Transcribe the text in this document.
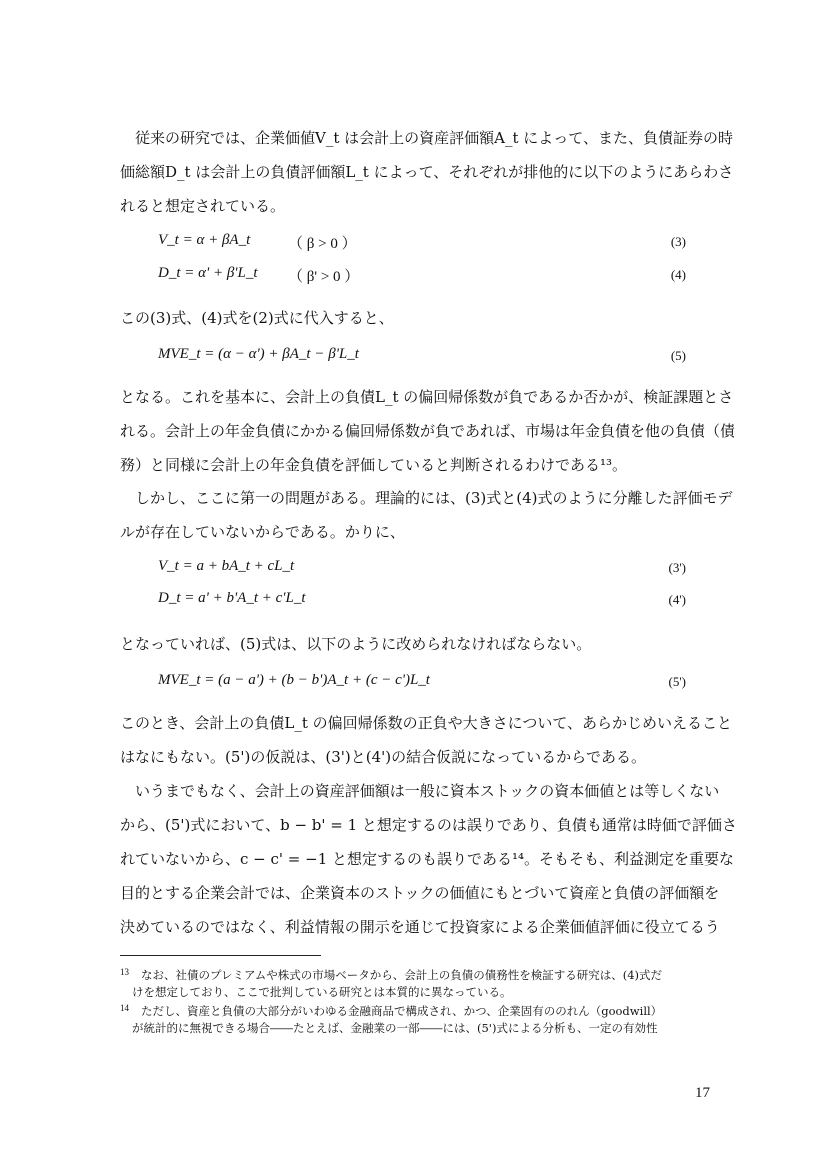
従来の研究では、企業価値V_t は会計上の資産評価額A_t によって、また、負債証券の時
価総額D_t は会計上の負債評価額L_t によって、それぞれが排他的に以下のようにあらわさ
れると想定されている。
V_t = α + βA_t	（ β > 0 ）	(3)
D_t = α' + β'L_t （ β' > 0 ）	(4)
この(3)式、(4)式を(2)式に代入すると、
MVE_t = (α − α') + βA_t − β'L_t	(5)
となる。これを基本に、会計上の負債L_t の偏回帰係数が負であるか否かが、検証課題とさ
れる。会計上の年金負債にかかる偏回帰係数が負であれば、市場は年金負債を他の負債（債
務）と同様に会計上の年金負債を評価していると判断されるわけである¹³。
しかし、ここに第一の問題がある。理論的には、(3)式と(4)式のように分離した評価モデ
ルが存在していないからである。かりに、
V_t = a + bA_t + cL_t	(3')
D_t = a' + b'A_t + c'L_t	(4')
となっていれば、(5)式は、以下のように改められなければならない。
MVE_t = (a − a') + (b − b')A_t + (c − c')L_t	(5')
このとき、会計上の負債L_t の偏回帰係数の正負や大きさについて、あらかじめいえること
はなにもない。(5')の仮説は、(3')と(4')の結合仮説になっているからである。
いうまでもなく、会計上の資産評価額は一般に資本ストックの資本価値とは等しくない
から、(5')式において、b − b' = 1 と想定するのは誤りであり、負債も通常は時価で評価さ
れていないから、c − c' = −1 と想定するのも誤りである¹⁴。そもそも、利益測定を重要な
目的とする企業会計では、企業資本のストックの価値にもとづいて資産と負債の評価額を
決めているのではなく、利益情報の開示を通じて投資家による企業価値評価に役立てるう
13	なお、社債のプレミアムや株式の市場ベータから、会計上の負債の債務性を検証する研究は、(4)式だ
けを想定しており、ここで批判している研究とは本質的に異なっている。
14	ただし、資産と負債の大部分がいわゆる金融商品で構成され、かつ、企業固有ののれん（goodwill）
が統計的に無視できる場合――たとえば、金融業の一部――には、(5')式による分析も、一定の有効性
17
